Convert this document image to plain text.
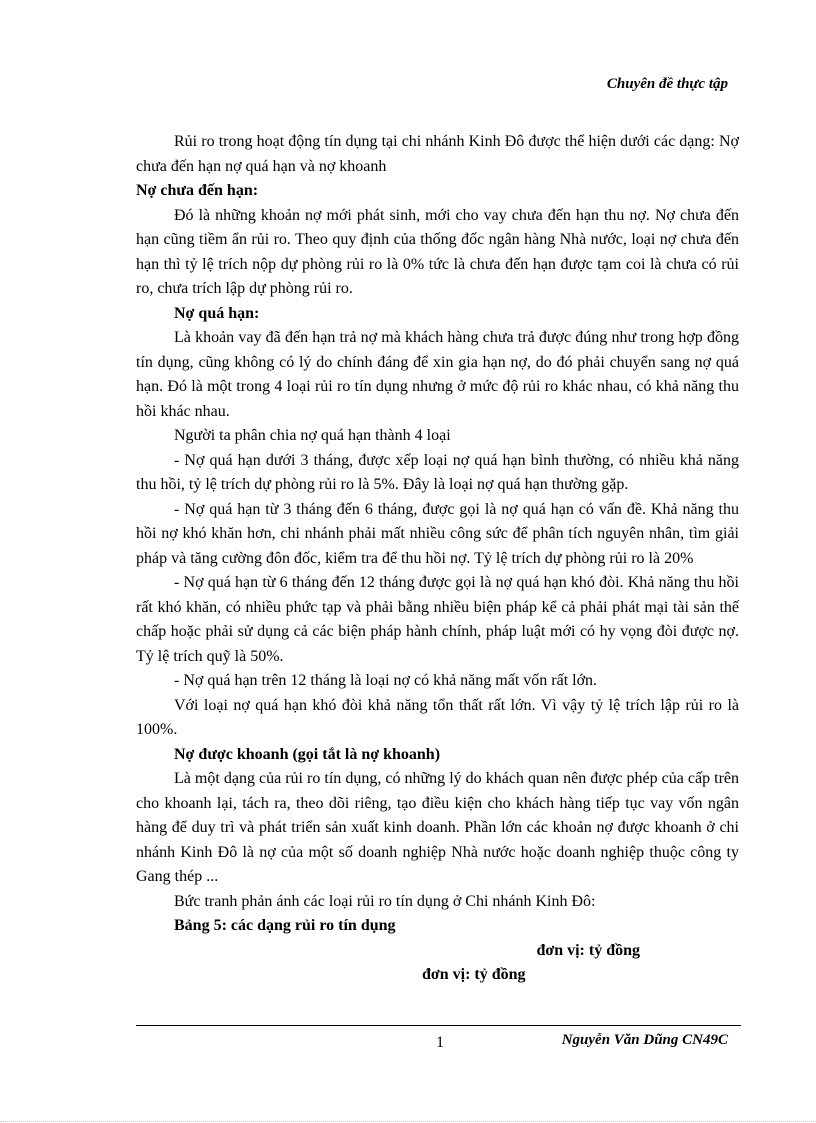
Chuyên đề thực tập

Rủi ro trong hoạt động tín dụng tại chi nhánh Kinh Đô được thể hiện dưới các dạng: Nợ chưa đến hạn nợ quá hạn và nợ khoanh

Nợ chưa đến hạn:

Đó là những khoản nợ mới phát sinh, mới cho vay chưa đến hạn thu nợ. Nợ chưa đến hạn cũng tiềm ẩn rủi ro. Theo quy định của thống đốc ngân hàng Nhà nước, loại nợ chưa đến hạn thì tỷ lệ trích nộp dự phòng rủi ro là 0% tức là chưa đến hạn được tạm coi là chưa có rủi ro, chưa trích lập dự phòng rủi ro.

Nợ quá hạn:

Là khoản vay đã đến hạn trả nợ mà khách hàng chưa trả được đúng như trong hợp đồng tín dụng, cũng không có lý do chính đáng để xin gia hạn nợ, do đó phải chuyển sang nợ quá hạn. Đó là một trong 4 loại rủi ro tín dụng nhưng ở mức độ rủi ro khác nhau, có khả năng thu hồi khác nhau.

Người ta phân chia nợ quá hạn thành 4 loại

- Nợ quá hạn dưới 3 tháng, được xếp loại nợ quá hạn bình thường, có nhiều khả năng thu hồi, tỷ lệ trích dự phòng rủi ro là 5%. Đây là loại nợ quá hạn thường gặp.

- Nợ quá hạn từ 3 tháng đến 6 tháng, được gọi là nợ quá hạn có vấn đề. Khả năng thu hồi nợ khó khăn hơn, chi nhánh phải mất nhiều công sức để phân tích nguyên nhân, tìm giải pháp và tăng cường đôn đốc, kiểm tra để thu hồi nợ. Tỷ lệ trích dự phòng rủi ro là 20%

- Nợ quá hạn từ 6 tháng đến 12 tháng được gọi là nợ quá hạn khó đòi. Khả năng thu hồi rất khó khăn, có nhiều phức tạp và phải bằng nhiều biện pháp kể cả phải phát mại tài sản thế chấp hoặc phải sử dụng cả các biện pháp hành chính, pháp luật mới có hy vọng đòi được nợ. Tỷ lệ trích quỹ là 50%.

- Nợ quá hạn trên 12 tháng là loại nợ có khả năng mất vốn rất lớn.

Với loại nợ quá hạn khó đòi khả năng tổn thất rất lớn. Vì vậy tỷ lệ trích lập rủi ro là 100%.

Nợ được khoanh (gọi tắt là nợ khoanh)

Là một dạng của rủi ro tín dụng, có những lý do khách quan nên được phép của cấp trên cho khoanh lại, tách ra, theo dõi riêng, tạo điều kiện cho khách hàng tiếp tục vay vốn ngân hàng để duy trì và phát triển sản xuất kinh doanh. Phần lớn các khoản nợ được khoanh ở chi nhánh Kinh Đô là nợ của một số doanh nghiệp Nhà nước hoặc doanh nghiệp thuộc công ty Gang thép ...

Bức tranh phản ánh các loại rủi ro tín dụng ở Chi nhánh Kinh Đô:

Bảng 5: các dạng rủi ro tín dụng

đơn vị: tỷ đồng

đơn vị: tỷ đồng

1	Nguyễn Văn Dũng CN49C
